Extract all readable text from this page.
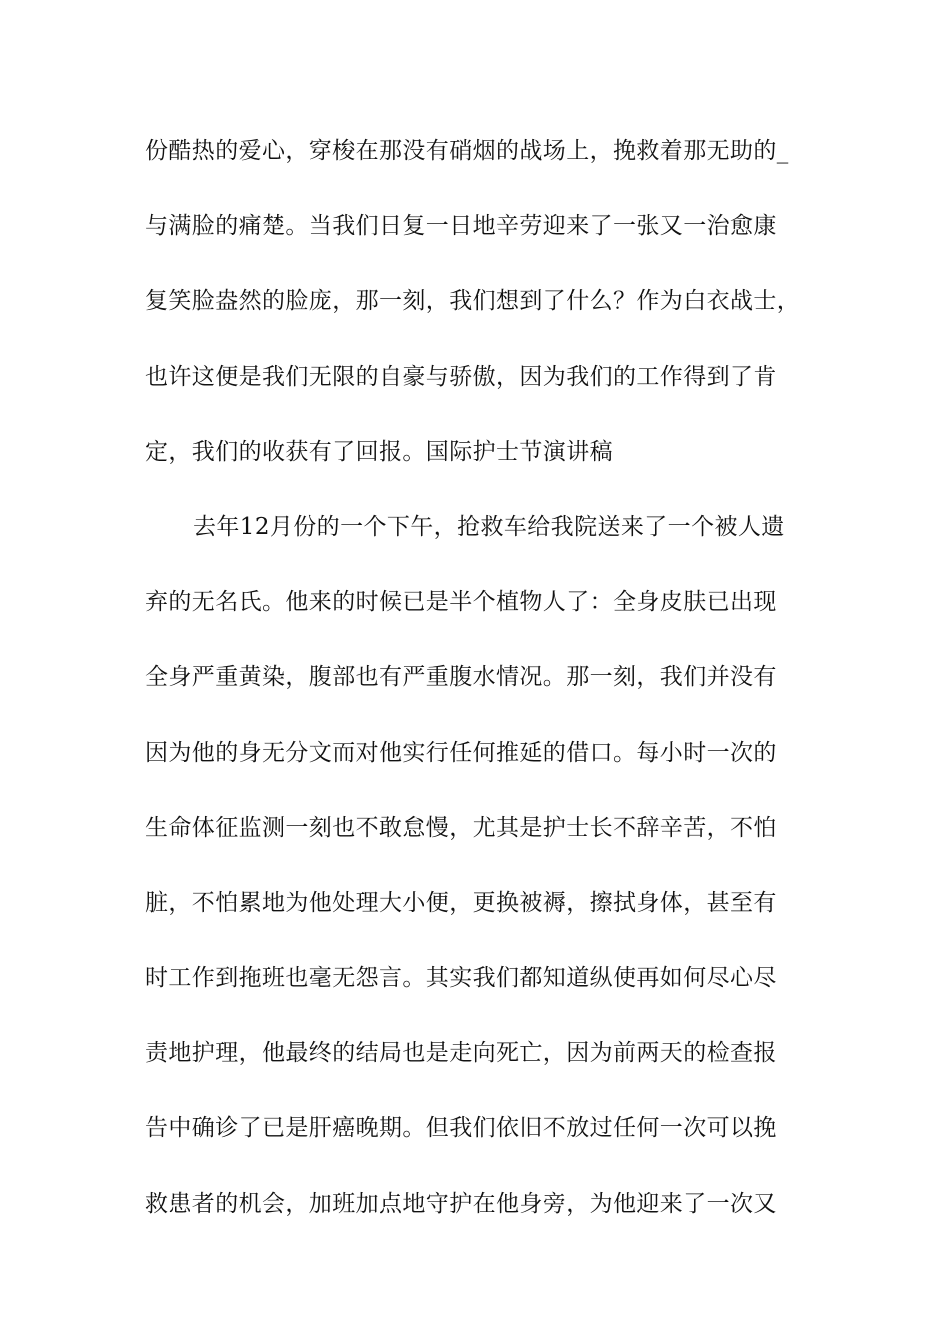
份酷热的爱心，穿梭在那没有硝烟的战场上，挽救着那无助的_
与满脸的痛楚。当我们日复一日地辛劳迎来了一张又一治愈康
复笑脸盎然的脸庞，那一刻，我们想到了什么？作为白衣战士，
也许这便是我们无限的自豪与骄傲，因为我们的工作得到了肯
定，我们的收获有了回报。国际护士节演讲稿
去年12月份的一个下午，抢救车给我院送来了一个被人遗
弃的无名氏。他来的时候已是半个植物人了：全身皮肤已出现
全身严重黄染，腹部也有严重腹水情况。那一刻，我们并没有
因为他的身无分文而对他实行任何推延的借口。每小时一次的
生命体征监测一刻也不敢怠慢，尤其是护士长不辞辛苦，不怕
脏，不怕累地为他处理大小便，更换被褥，擦拭身体，甚至有
时工作到拖班也毫无怨言。其实我们都知道纵使再如何尽心尽
责地护理，他最终的结局也是走向死亡，因为前两天的检查报
告中确诊了已是肝癌晚期。但我们依旧不放过任何一次可以挽
救患者的机会，加班加点地守护在他身旁，为他迎来了一次又
